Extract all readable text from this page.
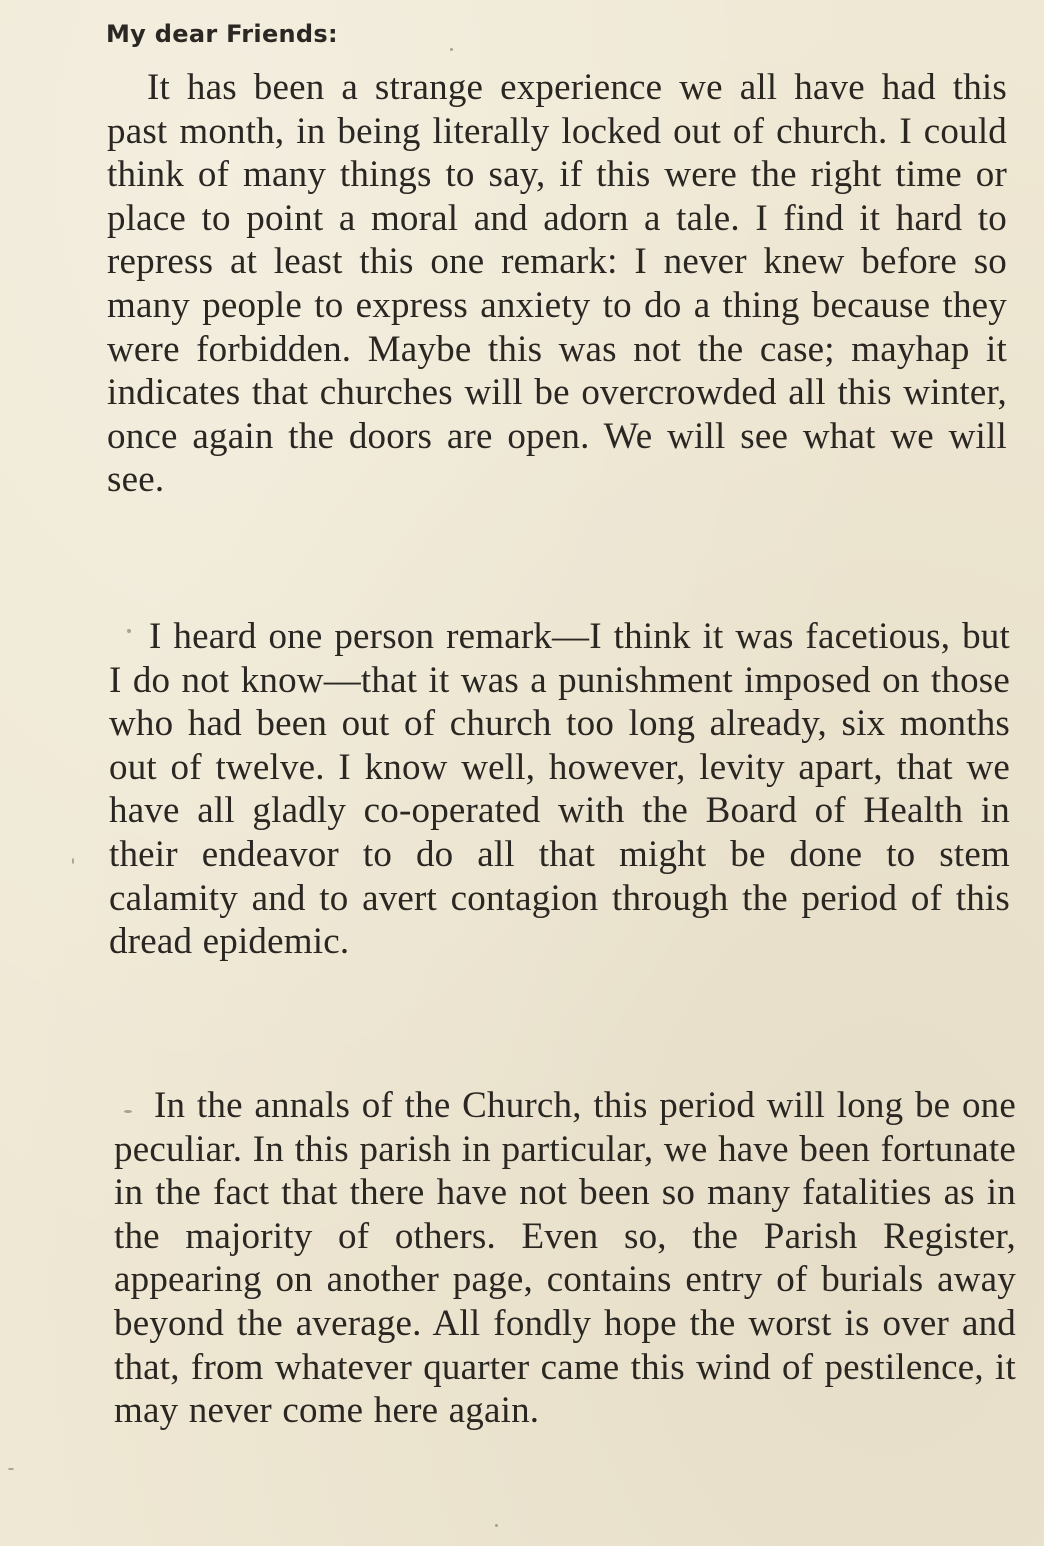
My dear Friends:

It has been a strange experience we all have had this past month, in being literally locked out of church. I could think of many things to say, if this were the right time or place to point a moral and adorn a tale. I find it hard to repress at least this one remark: I never knew before so many people to express anxiety to do a thing because they were forbidden. Maybe this was not the case; mayhap it indicates that churches will be overcrowded all this winter, once again the doors are open. We will see what we will see.

I heard one person remark—I think it was facetious, but I do not know—that it was a punishment imposed on those who had been out of church too long already, six months out of twelve. I know well, however, levity apart, that we have all gladly co-operated with the Board of Health in their endeavor to do all that might be done to stem calamity and to avert contagion through the period of this dread epidemic.

In the annals of the Church, this period will long be one peculiar. In this parish in particular, we have been fortunate in the fact that there have not been so many fatalities as in the majority of others. Even so, the Parish Register, appearing on another page, contains entry of burials away beyond the average. All fondly hope the worst is over and that, from whatever quarter came this wind of pestilence, it may never come here again.
